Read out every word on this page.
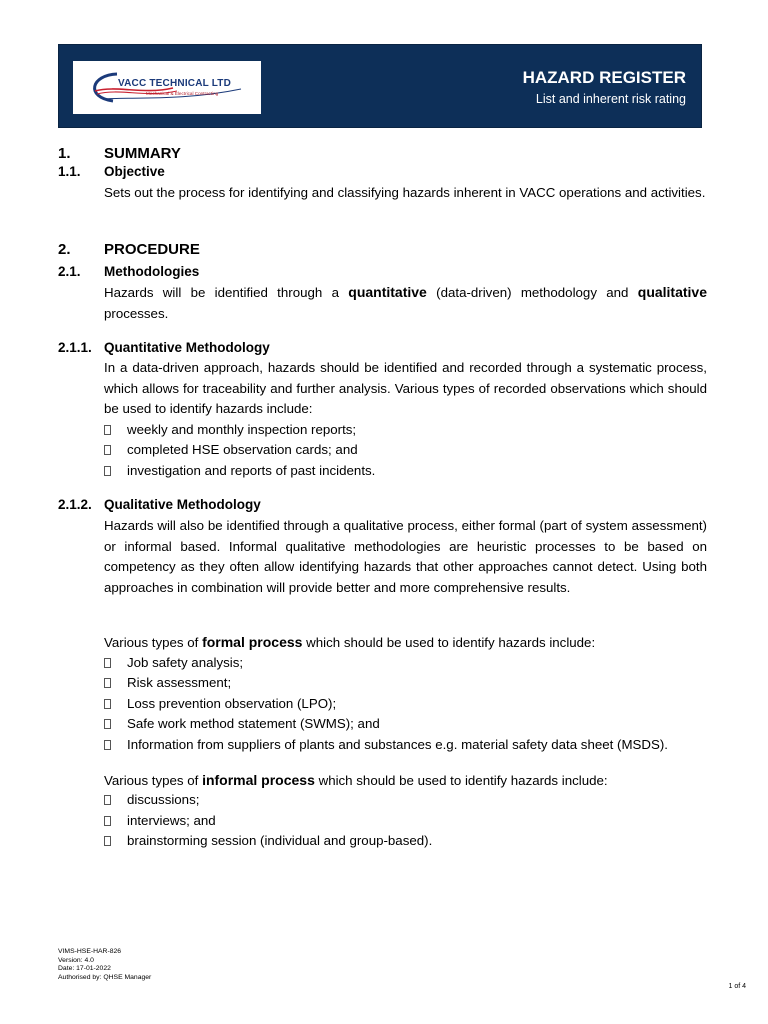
VACC TECHNICAL LTD
Mechanical & Electrical Contracting
HAZARD REGISTER
List and inherent risk rating
1. SUMMARY
1.1. Objective

Sets out the process for identifying and classifying hazards inherent in VACC operations and activities.

2. PROCEDURE
2.1. Methodologies

Hazards will be identified through a quantitative (data-driven) methodology and qualitative processes.

2.1.1. Quantitative Methodology

In a data-driven approach, hazards should be identified and recorded through a systematic process, which allows for traceability and further analysis. Various types of recorded observations which should be used to identify hazards include:

weekly and monthly inspection reports;
completed HSE observation cards; and
investigation and reports of past incidents.
2.1.2. Qualitative Methodology

Hazards will also be identified through a qualitative process, either formal (part of system assessment) or informal based. Informal qualitative methodologies are heuristic processes to be based on competency as they often allow identifying hazards that other approaches cannot detect. Using both approaches in combination will provide better and more comprehensive results.

Various types of formal process which should be used to identify hazards include:

Job safety analysis;
Risk assessment;
Loss prevention observation (LPO);
Safe work method statement (SWMS); and
Information from suppliers of plants and substances e.g. material safety data sheet (MSDS).

Various types of informal process which should be used to identify hazards include:

discussions;
interviews; and
brainstorming session (individual and group-based).
VIMS-HSE-HAR-826
Version: 4.0
Date: 17-01-2022
Authorised by: QHSE Manager
1 of 4
